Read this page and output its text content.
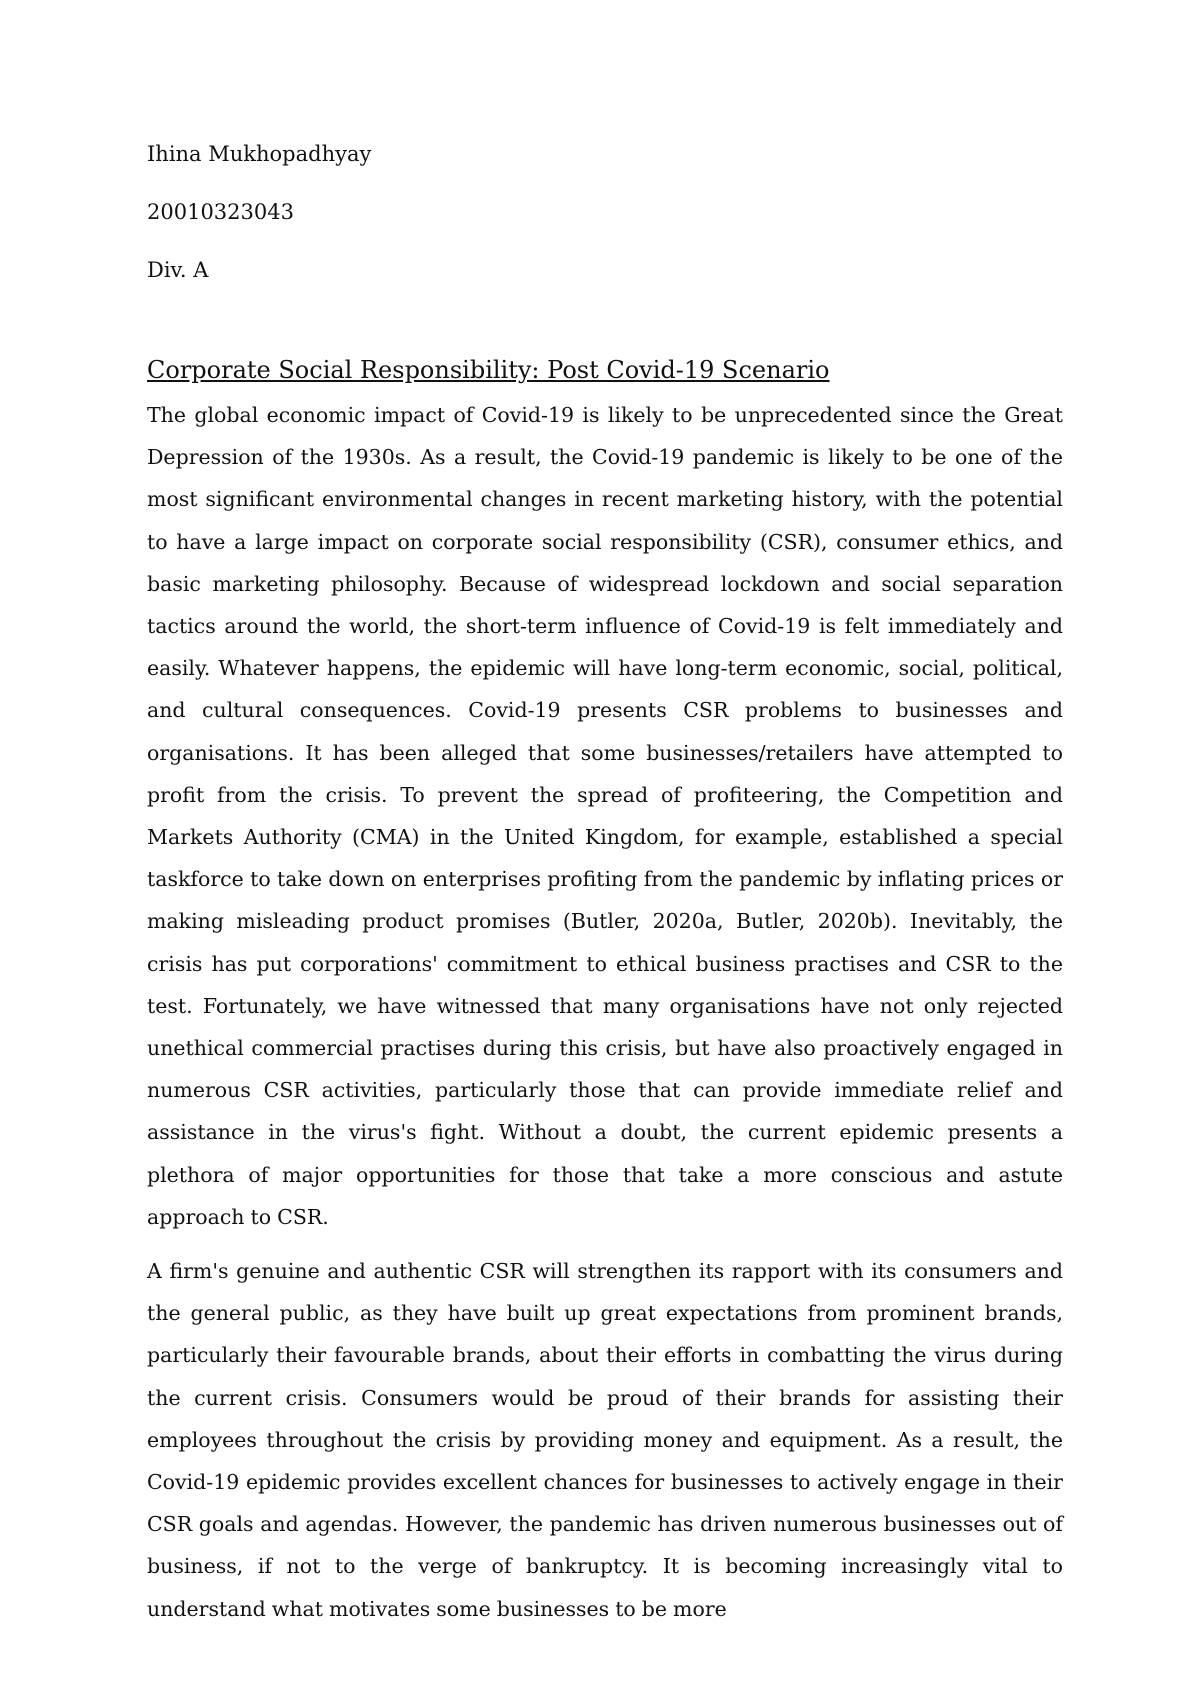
Ihina Mukhopadhyay
20010323043
Div. A
Corporate Social Responsibility: Post Covid-19 Scenario

The global economic impact of Covid-19 is likely to be unprecedented since the Great Depression of the 1930s. As a result, the Covid-19 pandemic is likely to be one of the most significant environmental changes in recent marketing history, with the potential to have a large impact on corporate social responsibility (CSR), consumer ethics, and basic marketing philosophy. Because of widespread lockdown and social separation tactics around the world, the short-term influence of Covid-19 is felt immediately and easily. Whatever happens, the epidemic will have long-term economic, social, political, and cultural consequences. Covid-19 presents CSR problems to businesses and organisations. It has been alleged that some businesses/retailers have attempted to profit from the crisis. To prevent the spread of profiteering, the Competition and Markets Authority (CMA) in the United Kingdom, for example, established a special taskforce to take down on enterprises profiting from the pandemic by inflating prices or making misleading product promises (Butler, 2020a, Butler, 2020b). Inevitably, the crisis has put corporations' commitment to ethical business practises and CSR to the test. Fortunately, we have witnessed that many organisations have not only rejected unethical commercial practises during this crisis, but have also proactively engaged in numerous CSR activities, particularly those that can provide immediate relief and assistance in the virus's fight. Without a doubt, the current epidemic presents a plethora of major opportunities for those that take a more conscious and astute approach to CSR.

A firm's genuine and authentic CSR will strengthen its rapport with its consumers and the general public, as they have built up great expectations from prominent brands, particularly their favourable brands, about their efforts in combatting the virus during the current crisis. Consumers would be proud of their brands for assisting their employees throughout the crisis by providing money and equipment. As a result, the Covid-19 epidemic provides excellent chances for businesses to actively engage in their CSR goals and agendas. However, the pandemic has driven numerous businesses out of business, if not to the verge of bankruptcy. It is becoming increasingly vital to understand what motivates some businesses to be more
